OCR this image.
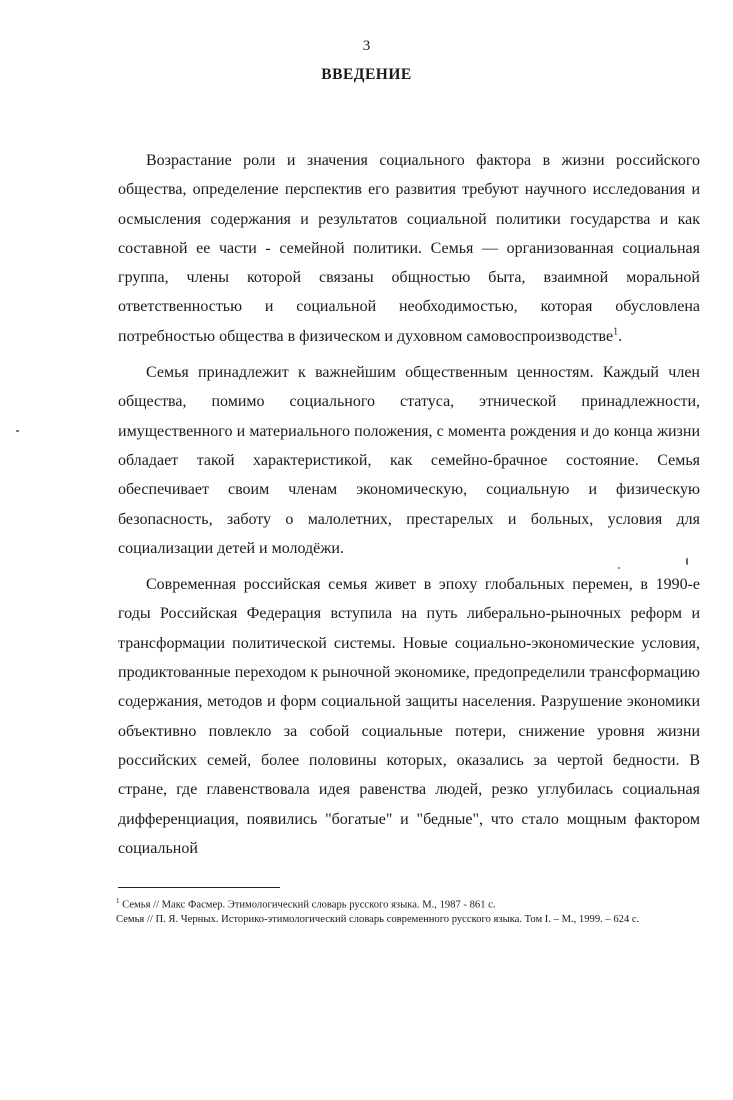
3
ВВЕДЕНИЕ

Возрастание роли и значения социального фактора в жизни российского общества, определение перспектив его развития требуют научного исследования и осмысления содержания и результатов социальной политики государства и как составной ее части - семейной политики. Семья — организованная социальная группа, члены которой связаны общностью быта, взаимной моральной ответственностью и социальной необходимостью, которая обусловлена потребностью общества в физическом и духовном самовоспроизводстве$^1$.

Семья принадлежит к важнейшим общественным ценностям. Каждый член общества, помимо социального статуса, этнической принадлежности, имущественного и материального положения, с момента рождения и до конца жизни обладает такой характеристикой, как семейно-брачное состояние. Семья обеспечивает своим членам экономическую, социальную и физическую безопасность, заботу о малолетних, престарелых и больных, условия для социализации детей и молодёжи.

Современная российская семья живет в эпоху глобальных перемен, в 1990-е годы Российская Федерация вступила на путь либерально-рыночных реформ и трансформации политической системы. Новые социально-экономические условия, продиктованные переходом к рыночной экономике, предопределили трансформацию содержания, методов и форм социальной защиты населения. Разрушение экономики объективно повлекло за собой социальные потери, снижение уровня жизни российских семей, более половины которых, оказались за чертой бедности. В стране, где главенствовала идея равенства людей, резко углубилась социальная дифференциация, появились "богатые" и "бедные", что стало мощным фактором социальной

$^1$ Семья // Макс Фасмер. Этимологический словарь русского языка. М., 1987 - 861 с.

Семья // П. Я. Черных. Историко-этимологический словарь современного русского языка. Том I. – М., 1999. – 624 с.
